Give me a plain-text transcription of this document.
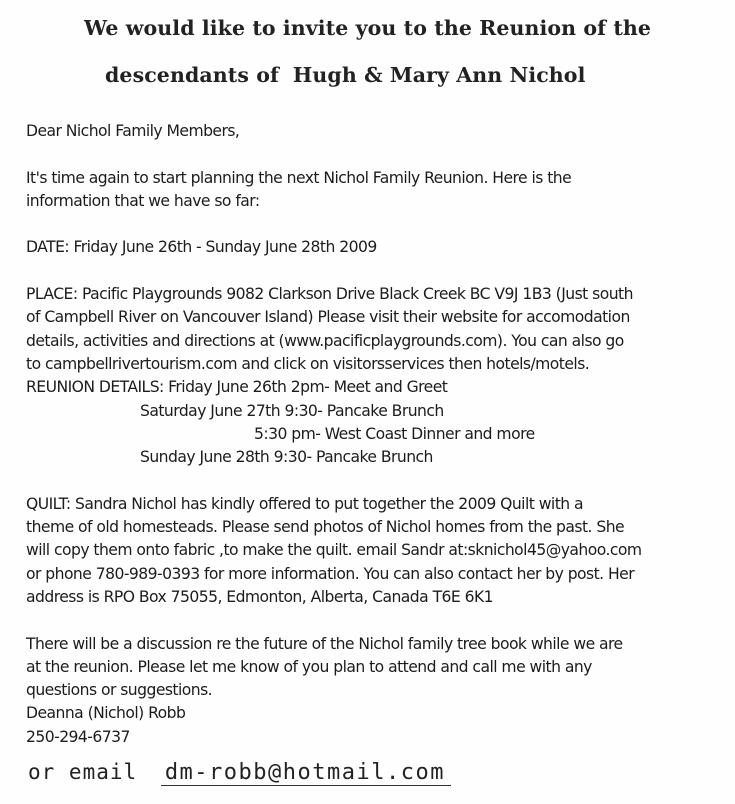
We would like to invite you to the Reunion of the
descendants of Hugh & Mary Ann Nichol
Dear Nichol Family Members,
It's time again to start planning the next Nichol Family Reunion. Here is the
information that we have so far:
DATE: Friday June 26th - Sunday June 28th 2009
PLACE: Pacific Playgrounds 9082 Clarkson Drive Black Creek BC V9J 1B3 (Just south
of Campbell River on Vancouver Island) Please visit their website for accomodation
details, activities and directions at (www.pacificplaygrounds.com). You can also go
to campbellrivertourism.com and click on visitorsservices then hotels/motels.
REUNION DETAILS: Friday June 26th 2pm- Meet and Greet
Saturday June 27th 9:30- Pancake Brunch
5:30 pm- West Coast Dinner and more
Sunday June 28th 9:30- Pancake Brunch
QUILT: Sandra Nichol has kindly offered to put together the 2009 Quilt with a
theme of old homesteads. Please send photos of Nichol homes from the past. She
will copy them onto fabric ,to make the quilt. email Sandr at:sknichol45@yahoo.com
or phone 780-989-0393 for more information. You can also contact her by post. Her
address is RPO Box 75055, Edmonton, Alberta, Canada T6E 6K1
There will be a discussion re the future of the Nichol family tree book while we are
at the reunion. Please let me know of you plan to attend and call me with any
questions or suggestions.
Deanna (Nichol) Robb
250-294-6737
or email dm-robb@hotmail.com
